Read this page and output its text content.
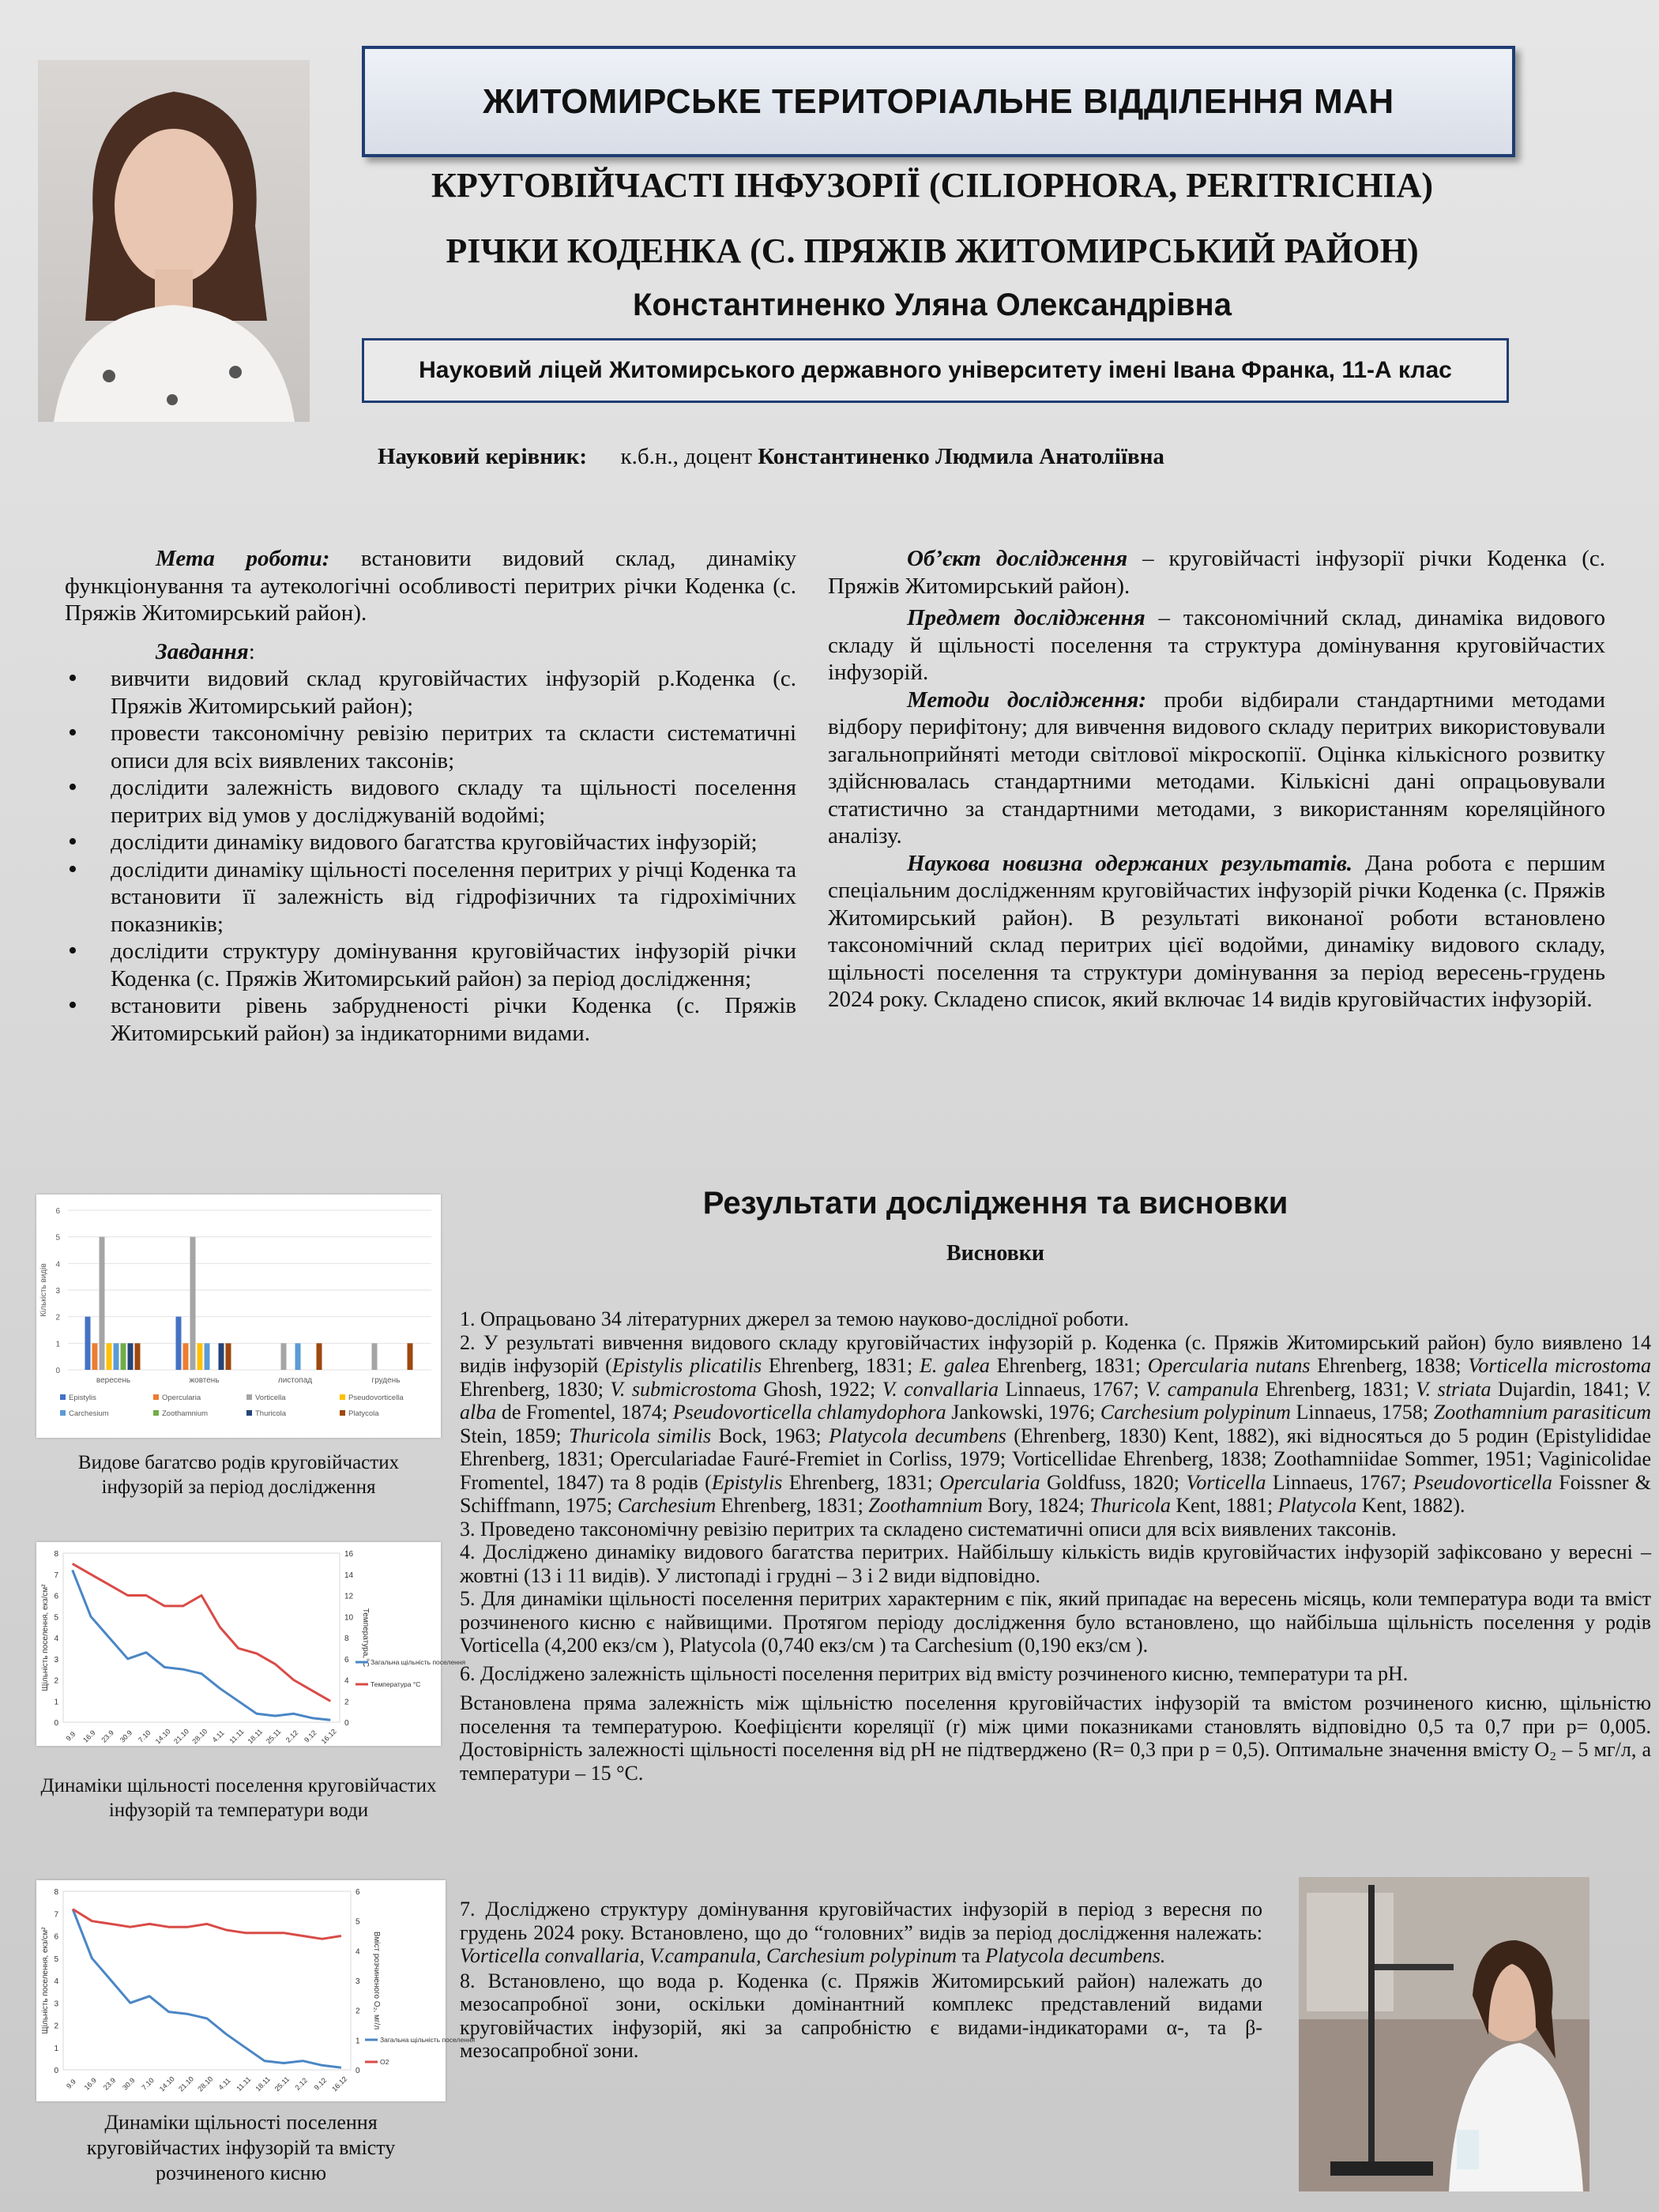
ЖИТОМИРСЬКЕ ТЕРИТОРІАЛЬНЕ ВІДДІЛЕННЯ МАН
КРУГОВІЙЧАСТІ ІНФУЗОРІЇ (CILIOPHORA, PERITRICHIA)
РІЧКИ КОДЕНКА (С. ПРЯЖІВ ЖИТОМИРСЬКИЙ РАЙОН)
Константиненко Уляна Олександрівна
Науковий ліцей Житомирського державного університету імені Івана Франка, 11-А клас
Науковий керівник: к.б.н., доцент Константиненко Людмила Анатоліївна

Мета роботи: встановити видовий склад, динаміку функціонування та аутекологічні особливості перитрих річки Коденка (с. Пряжів Житомирський район).

Завдання:

• вивчити видовий склад круговійчастих інфузорій р.Коденка (с. Пряжів Житомирський район);
• провести таксономічну ревізію перитрих та скласти систематичні описи для всіх виявлених таксонів;
• дослідити залежність видового складу та щільності поселення перитрих від умов у досліджуваній водоймі;
• дослідити динаміку видового багатства круговійчастих інфузорій;
• дослідити динаміку щільності поселення перитрих у річці Коденка та встановити її залежність від гідрофізичних та гідрохімічних показників;
• дослідити структуру домінування круговійчастих інфузорій річки Коденка (с. Пряжів Житомирський район) за період дослідження;
• встановити рівень забрудненості річки Коденка (с. Пряжів Житомирський район) за індикаторними видами.

Об’єкт дослідження – круговійчасті інфузорії річки Коденка (с. Пряжів Житомирський район).

Предмет дослідження – таксономічний склад, динаміка видового складу й щільності поселення та структура домінування круговійчастих інфузорій.

Методи дослідження: проби відбирали стандартними методами відбору перифітону; для вивчення видового складу перитрих використовували загальноприйняті методи світлової мікроскопії. Оцінка кількісного розвитку здійснювалась стандартними методами. Кількісні дані опрацьовували статистично за стандартними методами, з використанням кореляційного аналізу.

Наукова новизна одержаних результатів. Дана робота є першим спеціальним дослідженням круговійчастих інфузорій річки Коденка (с. Пряжів Житомирський район). В результаті виконаної роботи встановлено таксономічний склад перитрих цієї водойми, динаміку видового складу, щільності поселення та структури домінування за період вересень-грудень 2024 року. Складено список, який включає 14 видів круговійчастих інфузорій.

Результати дослідження та висновки
Висновки
0
1
2
3
4
5
6
Кількість видів
вересень	жовтень	листопад	грудень
Epistylis	Opercularia	Vorticella	Pseudovorticella
Carchesium	Zoothamnium	Thuricola	Platycola
Видове багатсво родів круговійчастих інфузорій за період дослідження
0
1
2
3
4
5
6
7
8
0
2
4
6
8
10
12
14
16
9.9 16.9 23.9 30.9 7.10 14.10 21.10 28.10 4.11 11.11 18.11 25.11 2.12 9.12 16.12
Щільність поселення, екз/см²	Температура,°С Загальна щільність поселення
Температура °С
Динаміки щільності поселення круговійчастих інфузорій та температури води
0
1
2
3
4
5
6
7
8
0
1
2
3
4
5
6
9.9 16.9 23.9 30.9 7.10 14.10 21.10 28.10 4.11 11.11 18.11 25.11 2.12 9.12 16.12
Щільність поселення, екз/см²	Вміст розчиненого О₂, мг/л
Загальна щільність поселення
О2
Динаміки щільності поселення круговійчастих інфузорій та вмісту розчиненого кисню
1. Опрацьовано 34 літературних джерел за темою науково-дослідної роботи.
2. У результаті вивчення видового складу круговійчастих інфузорій р. Коденка (с. Пряжів Житомирський район) було виявлено 14 видів інфузорій (Epistylis plicatilis Ehrenberg, 1831; E. galea Ehrenberg, 1831; Opercularia nutans Ehrenberg, 1838; Vorticella microstoma Ehrenberg, 1830; V. submicrostoma Ghosh, 1922; V. convallaria Linnaeus, 1767; V. campanula Ehrenberg, 1831; V. striata Dujardin, 1841; V. alba de Fromentel, 1874; Pseudovorticella chlamydophora Jankowski, 1976; Carchesium polypinum Linnaeus, 1758; Zoothamnium parasiticum Stein, 1859; Thuricola similis Bock, 1963; Platycola decumbens (Ehrenberg, 1830) Kent, 1882), які відносяться до 5 родин (Epistylididae Ehrenberg, 1831; Operculariadae Fauré-Fremiet in Corliss, 1979; Vorticellidae Ehrenberg, 1838; Zoothamniidae Sommer, 1951; Vaginicolidae Fromentel, 1847) та 8 родів (Epistylis Ehrenberg, 1831; Opercularia Goldfuss, 1820; Vorticella Linnaeus, 1767; Pseudovorticella Foissner & Schiffmann, 1975; Carchesium Ehrenberg, 1831; Zoothamnium Bory, 1824; Thuricola Kent, 1881; Platycola Kent, 1882).
3. Проведено таксономічну ревізію перитрих та складено систематичні описи для всіх виявлених таксонів.
4. Досліджено динаміку видового багатства перитрих. Найбільшу кількість видів круговійчастих інфузорій зафіксовано у вересні – жовтні (13 і 11 видів). У листопаді і грудні – 3 і 2 види відповідно.
5. Для динаміки щільності поселення перитрих характерним є пік, який припадає на вересень місяць, коли температура води та вміст розчиненого кисню є найвищими. Протягом періоду дослідження було встановлено, що найбільша щільність поселення у родів Vorticella (4,200 екз/см ), Platycola (0,740 екз/см ) та Carchesium (0,190 екз/см ).
6. Досліджено залежність щільності поселення перитрих від вмісту розчиненого кисню, температури та рН.
Встановлена пряма залежність між щільністю поселення круговійчастих інфузорій та вмістом розчиненого кисню, щільністю поселення та температурою. Коефіцієнти кореляції (r) між цими показниками становлять відповідно 0,5 та 0,7 при p= 0,005. Достовірність залежності щільності поселення від рН не підтверджено (R= 0,3 при p = 0,5). Оптимальне значення вмісту О₂ – 5 мг/л, а температури – 15 °С.
7. Досліджено структуру домінування круговійчастих інфузорій в період з вересня по грудень 2024 року. Встановлено, що до “головних” видів за період дослідження належать: Vorticella convallaria, V.campanula, Carchesium polypinum та Platycola decumbens.
8. Встановлено, що вода р. Коденка (с. Пряжів Житомирський район) належать до мезосапробної зони, оскільки домінантний комплекс представлений видами круговійчастих інфузорій, які за сапробністю є видами-індикаторами α-, та β-мезосапробної зони.
